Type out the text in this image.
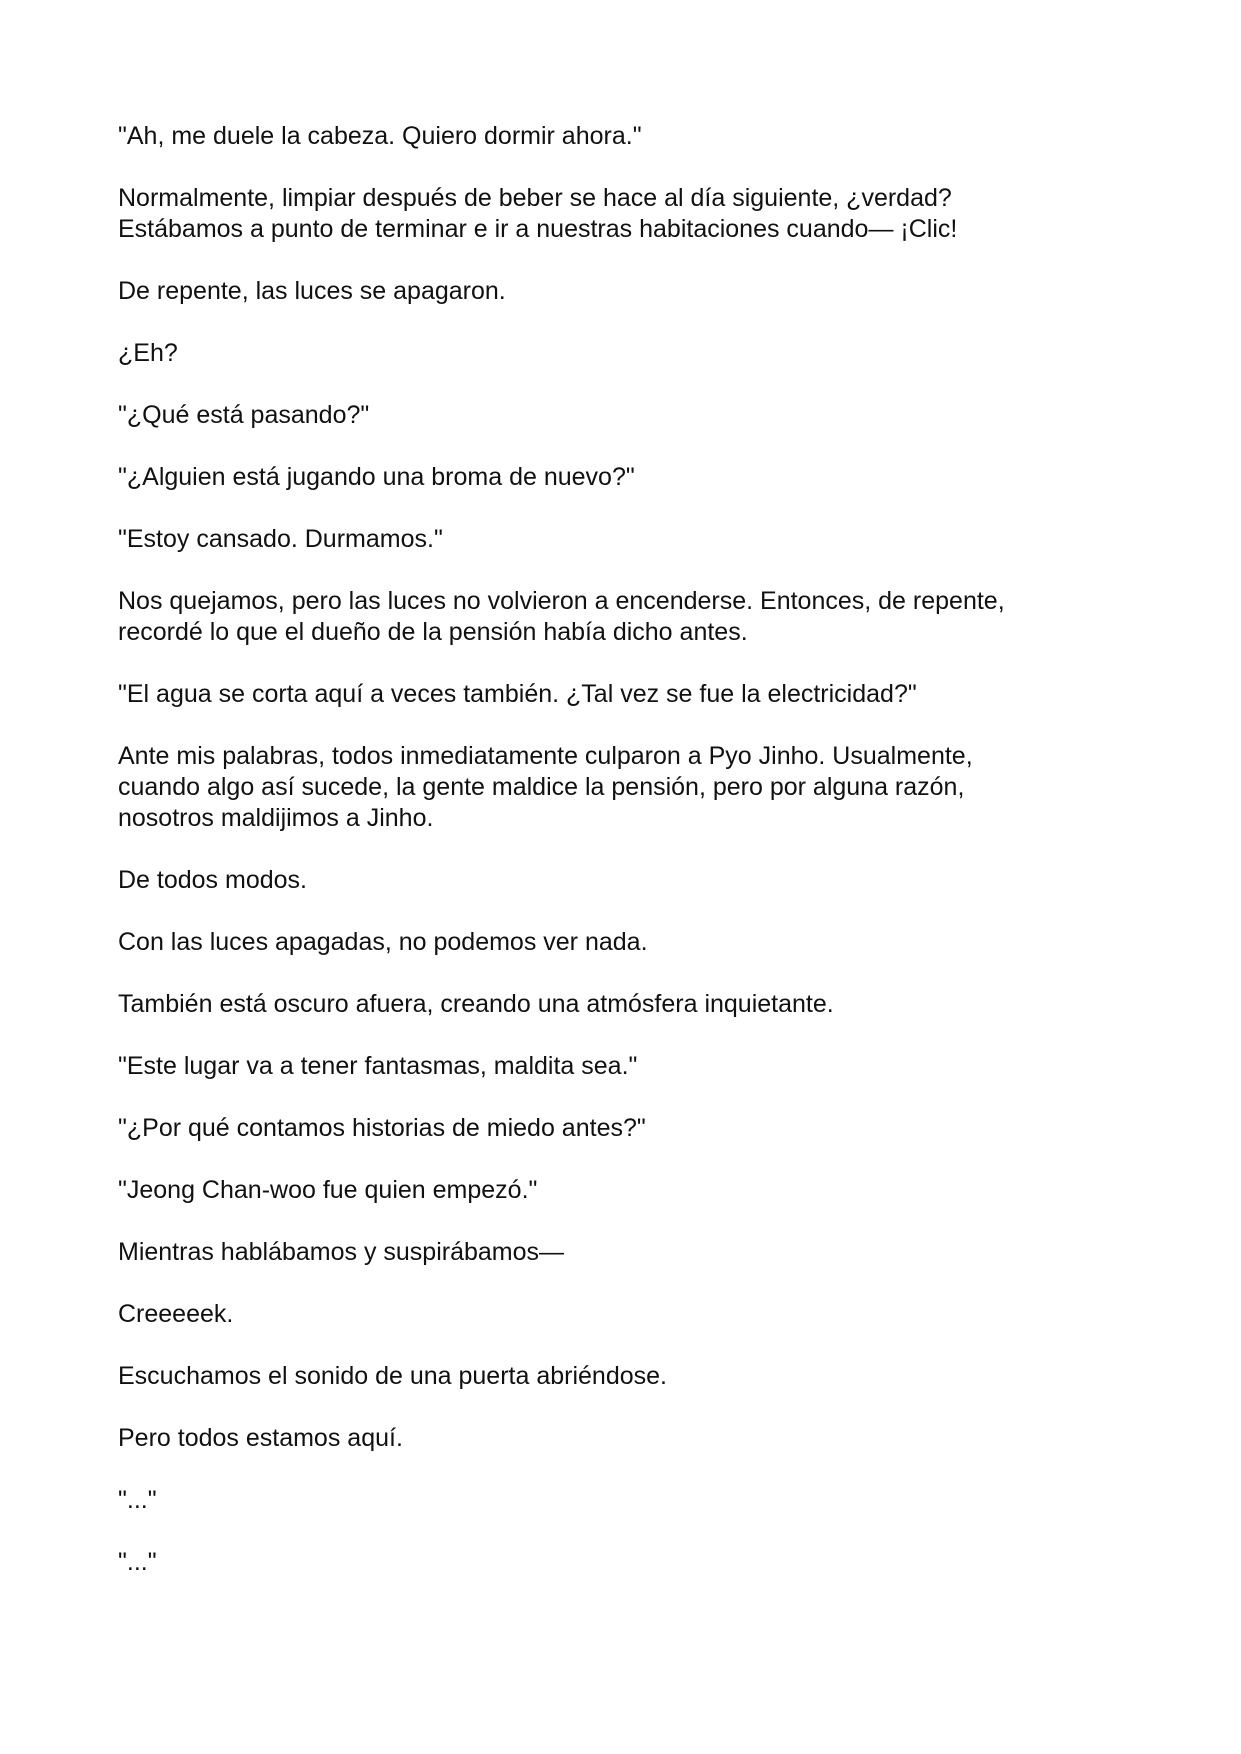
"Ah, me duele la cabeza. Quiero dormir ahora."

Normalmente, limpiar después de beber se hace al día siguiente, ¿verdad?
Estábamos a punto de terminar e ir a nuestras habitaciones cuando— ¡Clic!

De repente, las luces se apagaron.

¿Eh?

"¿Qué está pasando?"

"¿Alguien está jugando una broma de nuevo?"

"Estoy cansado. Durmamos."

Nos quejamos, pero las luces no volvieron a encenderse. Entonces, de repente,
recordé lo que el dueño de la pensión había dicho antes.

"El agua se corta aquí a veces también. ¿Tal vez se fue la electricidad?"

Ante mis palabras, todos inmediatamente culparon a Pyo Jinho. Usualmente,
cuando algo así sucede, la gente maldice la pensión, pero por alguna razón,
nosotros maldijimos a Jinho.

De todos modos.

Con las luces apagadas, no podemos ver nada.

También está oscuro afuera, creando una atmósfera inquietante.

"Este lugar va a tener fantasmas, maldita sea."

"¿Por qué contamos historias de miedo antes?"

"Jeong Chan-woo fue quien empezó."

Mientras hablábamos y suspirábamos—

Creeeeek.

Escuchamos el sonido de una puerta abriéndose.

Pero todos estamos aquí.

"..."

"..."
